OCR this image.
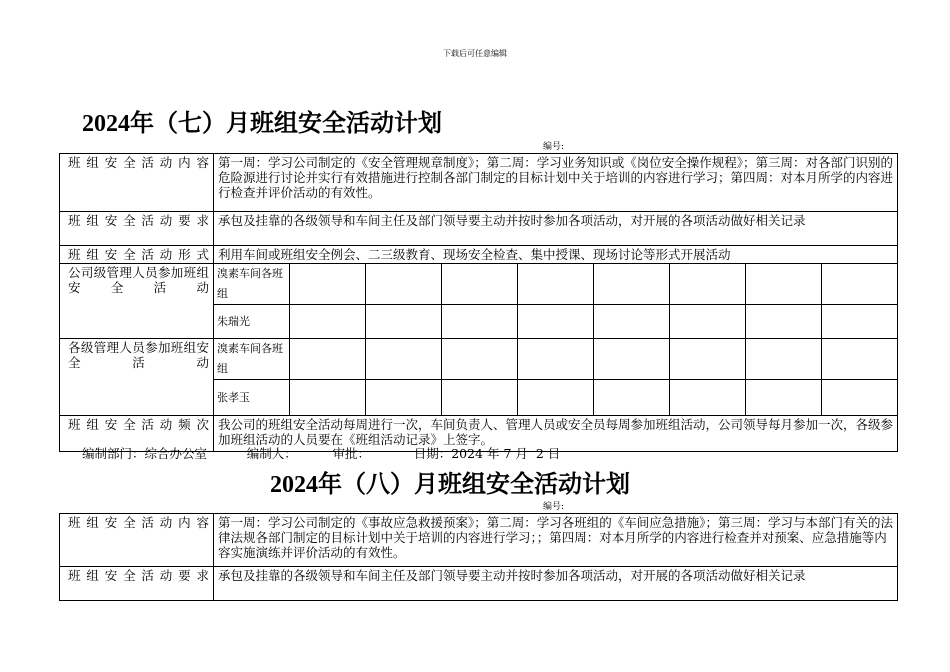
下载后可任意编辑
2024年（七）月班组安全活动计划
编号:
班组安全活动内容	第一周：学习公司制定的《安全管理规章制度》；第二周：学习业务知识或《岗位安全操作规程》；第三周：对各部门识别的危险源进行讨论并实行有效措施进行控制各部门制定的目标计划中关于培训的内容进行学习；第四周：对本月所学的内容进行检查并评价活动的有效性。								
班组安全活动要求	承包及挂靠的各级领导和车间主任及部门领导要主动并按时参加各项活动，对开展的各项活动做好相关记录								
班组安全活动形式	利用车间或班组安全例会、二三级教育、现场安全检查、集中授课、现场讨论等形式开展活动								
公司级管理人员参加班组安全活动	溴素车间各班组								
	朱瑞光								
各级管理人员参加班组安全活动	溴素车间各班组								
	张孝玉								
班组安全活动频次	我公司的班组安全活动每周进行一次，车间负责人、管理人员或安全员每周参加班组活动，公司领导每月参加一次，各级参加班组活动的人员要在《班组活动记录》上签字。								
编制部门：综合办公室          编制人：         审批：           日期：2024 年 7 月  2 日
2024年（八）月班组安全活动计划
编号:
班组安全活动内容	第一周：学习公司制定的《事故应急救援预案》；第二周：学习各班组的《车间应急措施》；第三周：学习与本部门有关的法律法规各部门制定的目标计划中关于培训的内容进行学习；；第四周：对本月所学的内容进行检查并对预案、应急措施等内容实施演练并评价活动的有效性。
班组安全活动要求	承包及挂靠的各级领导和车间主任及部门领导要主动并按时参加各项活动，对开展的各项活动做好相关记录
